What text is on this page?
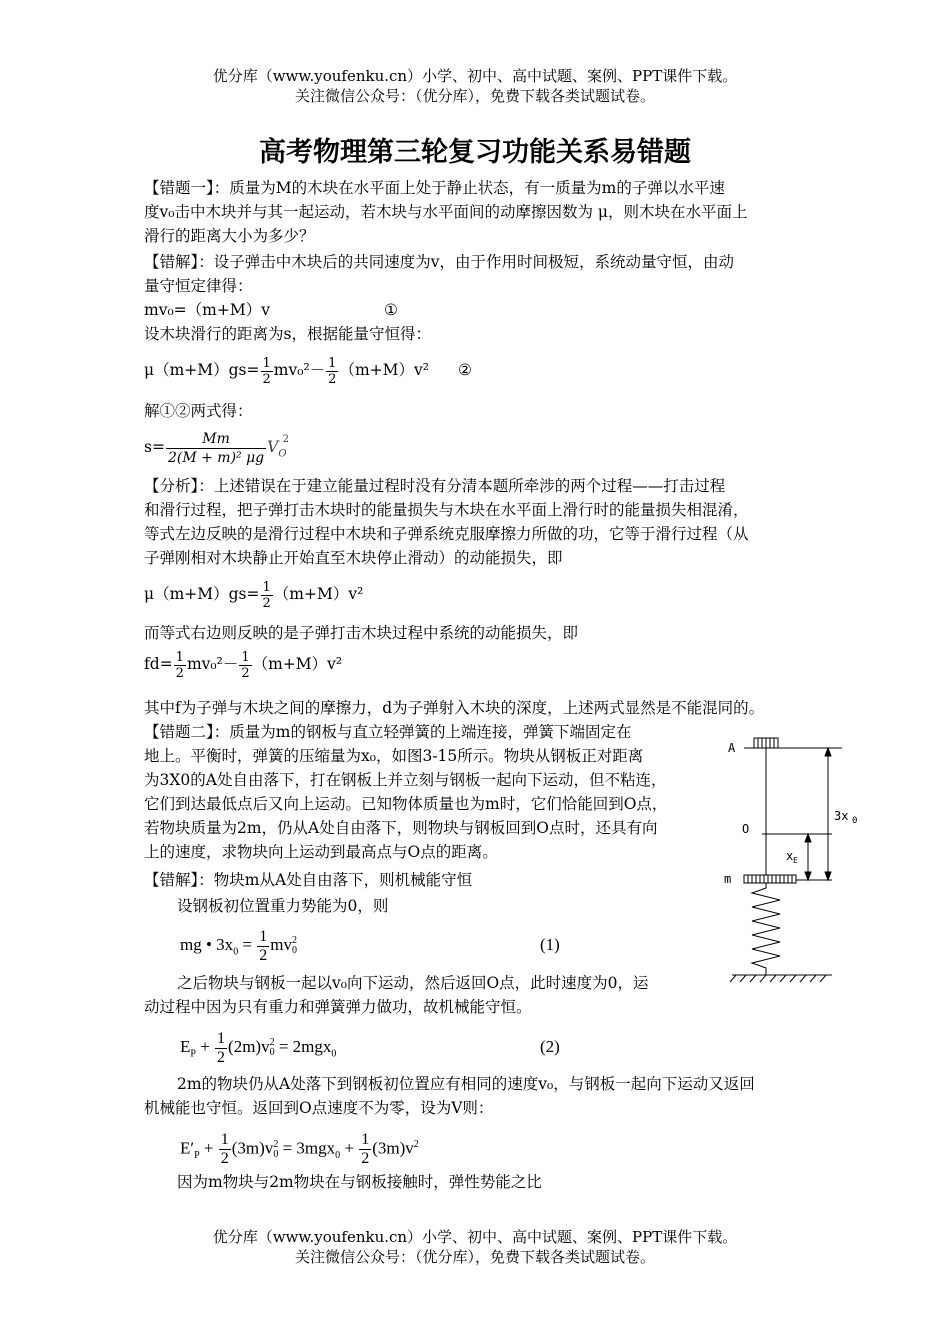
优分库（www.youfenku.cn）小学、初中、高中试题、案例、PPT课件下载。
关注微信公众号：（优分库），免费下载各类试题试卷。
高考物理第三轮复习功能关系易错题
【错题一】：质量为M的木块在水平面上处于静止状态，有一质量为m的子弹以水平速
度v₀击中木块并与其一起运动，若木块与水平面间的动摩擦因数为 μ，则木块在水平面上
滑行的距离大小为多少？
【错解】：设子弹击中木块后的共同速度为v，由于作用时间极短，系统动量守恒，由动
量守恒定律得：
mv₀=（m+M）v	①
设木块滑行的距离为s，根据能量守恒得：
$\mu(m+M)gs= \frac{1}{2} mv_0^2- \frac{1}{2} (m+M)v^2$ ②
解①②两式得：
$s= \frac{Mm}{\text{2(M + m)² μg}} V_O^2$
【分析】：上述错误在于建立能量过程时没有分清本题所牵涉的两个过程——打击过程
和滑行过程，把子弹打击木块时的能量损失与木块在水平面上滑行时的能量损失相混淆，
等式左边反映的是滑行过程中木块和子弹系统克服摩擦力所做的功，它等于滑行过程（从
子弹刚相对木块静止开始直至木块停止滑动）的动能损失，即
$\mu(m+M)gs= \frac{1}{2} (m+M)v^2$
而等式右边则反映的是子弹打击木块过程中系统的动能损失，即
$fd= \frac{1}{2} mv_0^2- \frac{1}{2} (m+M)v^2$
其中f为子弹与木块之间的摩擦力，d为子弹射入木块的深度，上述两式显然是不能混同的。
【错题二】：质量为m的钢板与直立轻弹簧的上端连接，弹簧下端固定在
地上。平衡时，弹簧的压缩量为x₀，如图3-15所示。物块从钢板正对距离
为3X0的A处自由落下，打在钢板上并立刻与钢板一起向下运动，但不粘连，
它们到达最低点后又向上运动。已知物体质量也为m时，它们恰能回到O点，
若物块质量为2m，仍从A处自由落下，则物块与钢板回到O点时，还具有向
上的速度，求物块向上运动到最高点与O点的距离。
【错解】：物块m从A处自由落下，则机械能守恒
设钢板初位置重力势能为0，则
mg • $3x_0 = \frac{1}{2}$ mv 2
0	(1)
之后物块与钢板一起以v₀向下运动，然后返回O点，此时速度为0，运
动过程中因为只有重力和弹簧弹力做功，故机械能守恒。
$E_P + \frac{1}{2} (2m)v$ 2
0 = 2mgx$_0$	(2)
2m的物块仍从A处落下到钢板初位置应有相同的速度v₀，与钢板一起向下运动又返回
机械能也守恒。返回到O点速度不为零，设为V则：
$E'_P + \frac{1}{2} (3m)v$ 2
$0 = 3mgx_0 + \frac{1}{2} (3m)v^2$
因为m物块与2m物块在与钢板接触时，弹性势能之比
A
O
m
3x 0
x E
优分库（www.youfenku.cn）小学、初中、高中试题、案例、PPT课件下载。
关注微信公众号：（优分库），免费下载各类试题试卷。
